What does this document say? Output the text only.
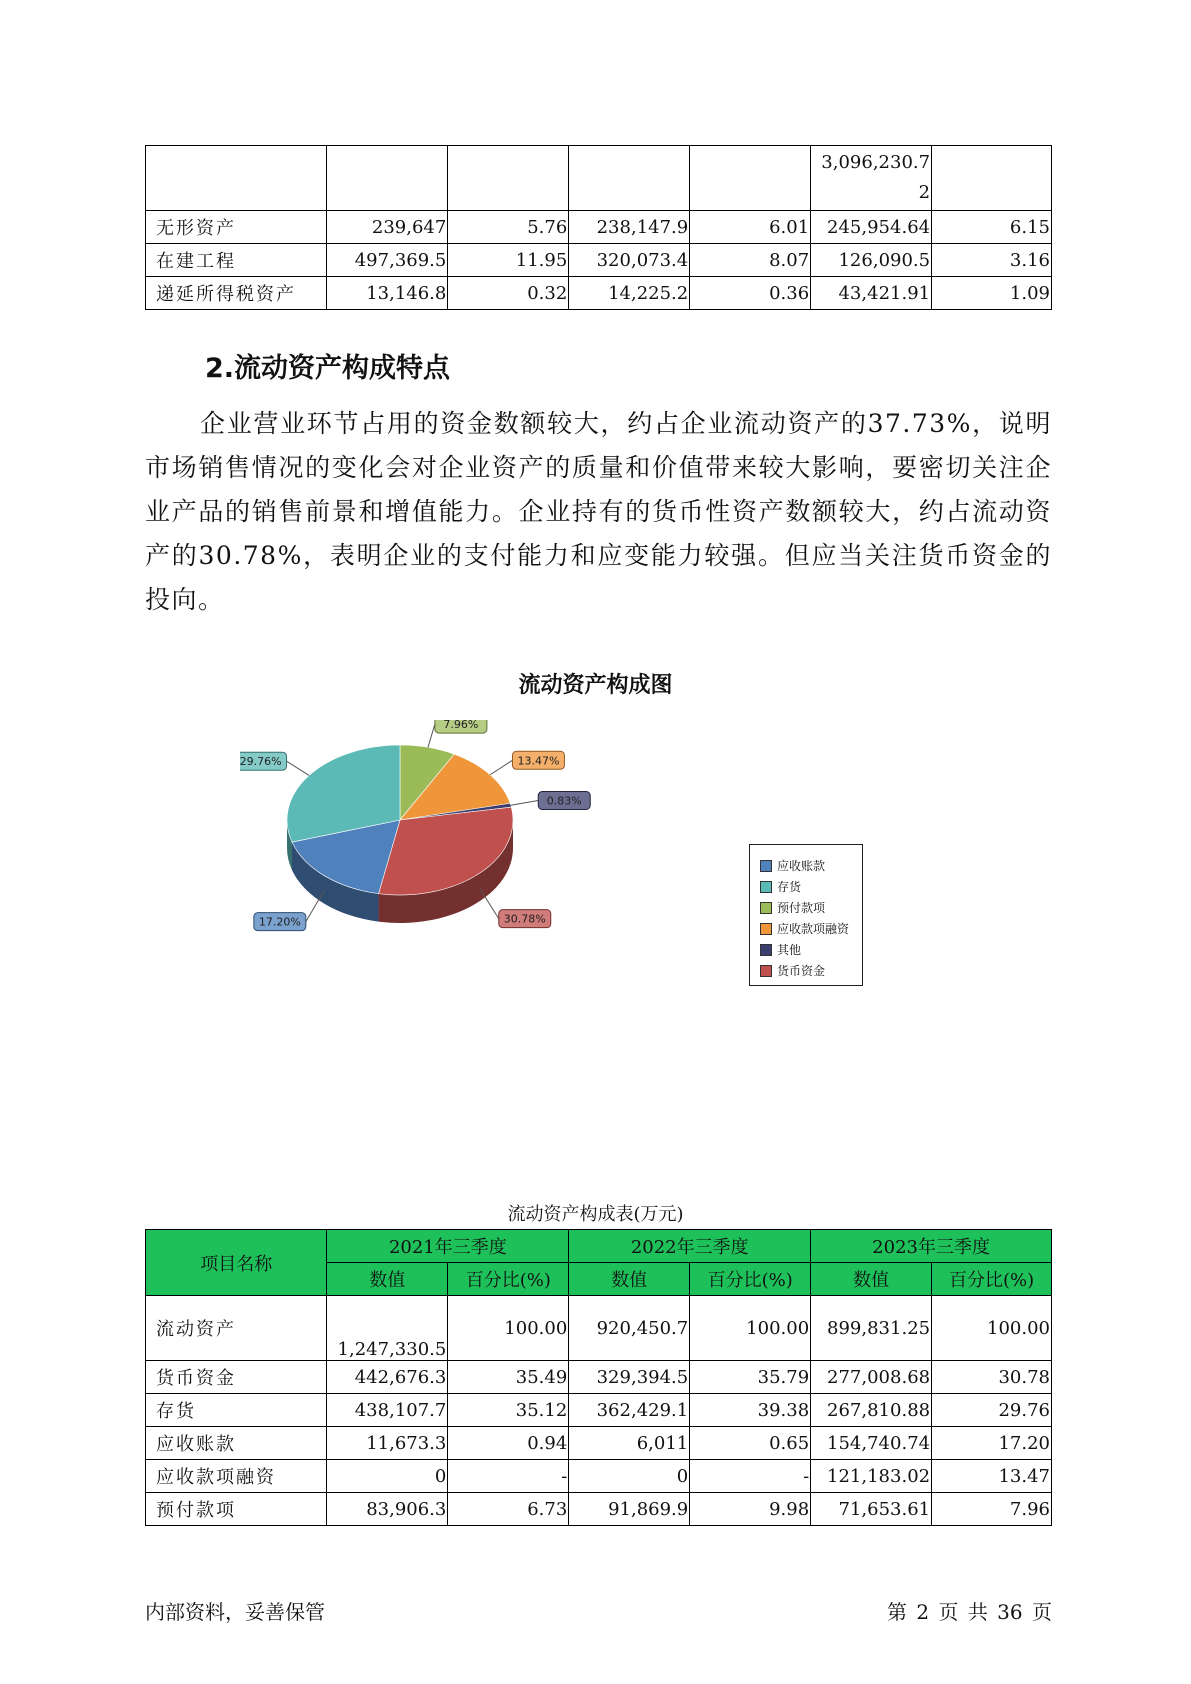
					3,096,230.7
2	

无形资产	239,647	5.76	238,147.9	6.01	245,954.64	6.15
在建工程	497,369.5	11.95	320,073.4	8.07	126,090.5	3.16
递延所得税资产	13,146.8	0.32	14,225.2	0.36	43,421.91	1.09
2.流动资产构成特点

企业营业环节占用的资金数额较大，约占企业流动资产的37.73%，说明市场销售情况的变化会对企业资产的质量和价值带来较大影响，要密切关注企业产品的销售前景和增值能力。企业持有的货币性资产数额较大，约占流动资产的30.78%，表明企业的支付能力和应变能力较强。但应当关注货币资金的投向。

流动资产构成图
7.96%
13.47%
0.83%
30.78%
17.20%
29.76%
应收账款
存货
预付款项
应收款项融资
其他
货币资金

流动资产构成表(万元)

项目名称	2021年三季度		2022年三季度		2023年三季度	
	数值	百分比(%)	数值	百分比(%)	数值	百分比(%)
流动资产	1,247,330.5	100.00	920,450.7	100.00	899,831.25	100.00
货币资金	442,676.3	35.49	329,394.5	35.79	277,008.68	30.78
存货	438,107.7	35.12	362,429.1	39.38	267,810.88	29.76
应收账款	11,673.3	0.94	6,011	0.65	154,740.74	17.20
应收款项融资	0	-	0	-	121,183.02	13.47
预付款项	83,906.3	6.73	91,869.9	9.98	71,653.61	7.96

内部资料，妥善保管	第 2 页 共 36 页
